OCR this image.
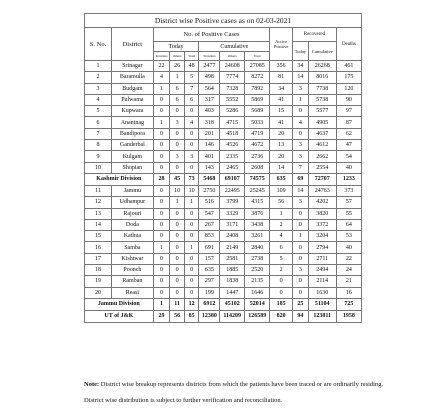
District wise Positive cases as on 02-03-2021											
S. No.	District	No. of Positive Cases						Active Positive	Recovered		Deaths
		Today			Cumulative				Today	Cumulative	
		Travelers	Others	Total	Travelers	Others	Total				
1	Srinagar	22	26	48	2477	24608	27085	356	34	26268	461
2	Baramulla	4	1	5	498	7774	8272	81	14	8016	175
3	Budgam	1	6	7	564	7328	7892	34	3	7738	120
4	Pulwama	0	6	6	317	5552	5869	41	1	5738	90
5	Kupwara	0	0	0	403	5286	5689	15	0	5577	97
6	Anantnag	1	3	4	318	4715	5033	41	4	4905	87
7	Bandipora	0	0	0	201	4518	4719	20	0	4637	62
8	Ganderbal	0	0	0	146	4526	4672	13	3	4612	47
9	Kulgam	0	3	3	401	2335	2736	20	3	2662	54
10	Shopian	0	0	0	143	2465	2608	14	7	2554	40
Kashmir Division		28	45	73	5468	69107	74575	635	69	72707	1233
11	Jammu	0	10	10	2750	22495	25245	109	14	24763	373
12	Udhampur	0	1	1	516	3799	4315	56	3	4202	57
13	Rajouri	0	0	0	547	3329	3876	1	0	3820	55
14	Doda	0	0	0	267	3171	3438	2	0	3372	64
15	Kathua	0	0	0	853	2408	3261	4	1	3204	53
16	Samba	1	0	1	691	2149	2840	6	0	2794	40
17	Kishtwar	0	0	0	157	2581	2738	5	0	2711	22
18	Poonch	0	0	0	635	1885	2520	2	3	2494	24
19	Ramban	0	0	0	297	1838	2135	0	0	2114	21
20	Reasi	0	0	0	199	1447	1646	0	0	1630	16
Jammu Division		1	11	12	6912	45102	52014	185	25	51104	725
UT of J&K		29	56	85	12380	114209	126589	820	94	123811	1958
Note: District wise breakup represents districts from which the patients have been traced or are ordinarily residing.
District wise distribution is subject to further verification and reconciliation.
